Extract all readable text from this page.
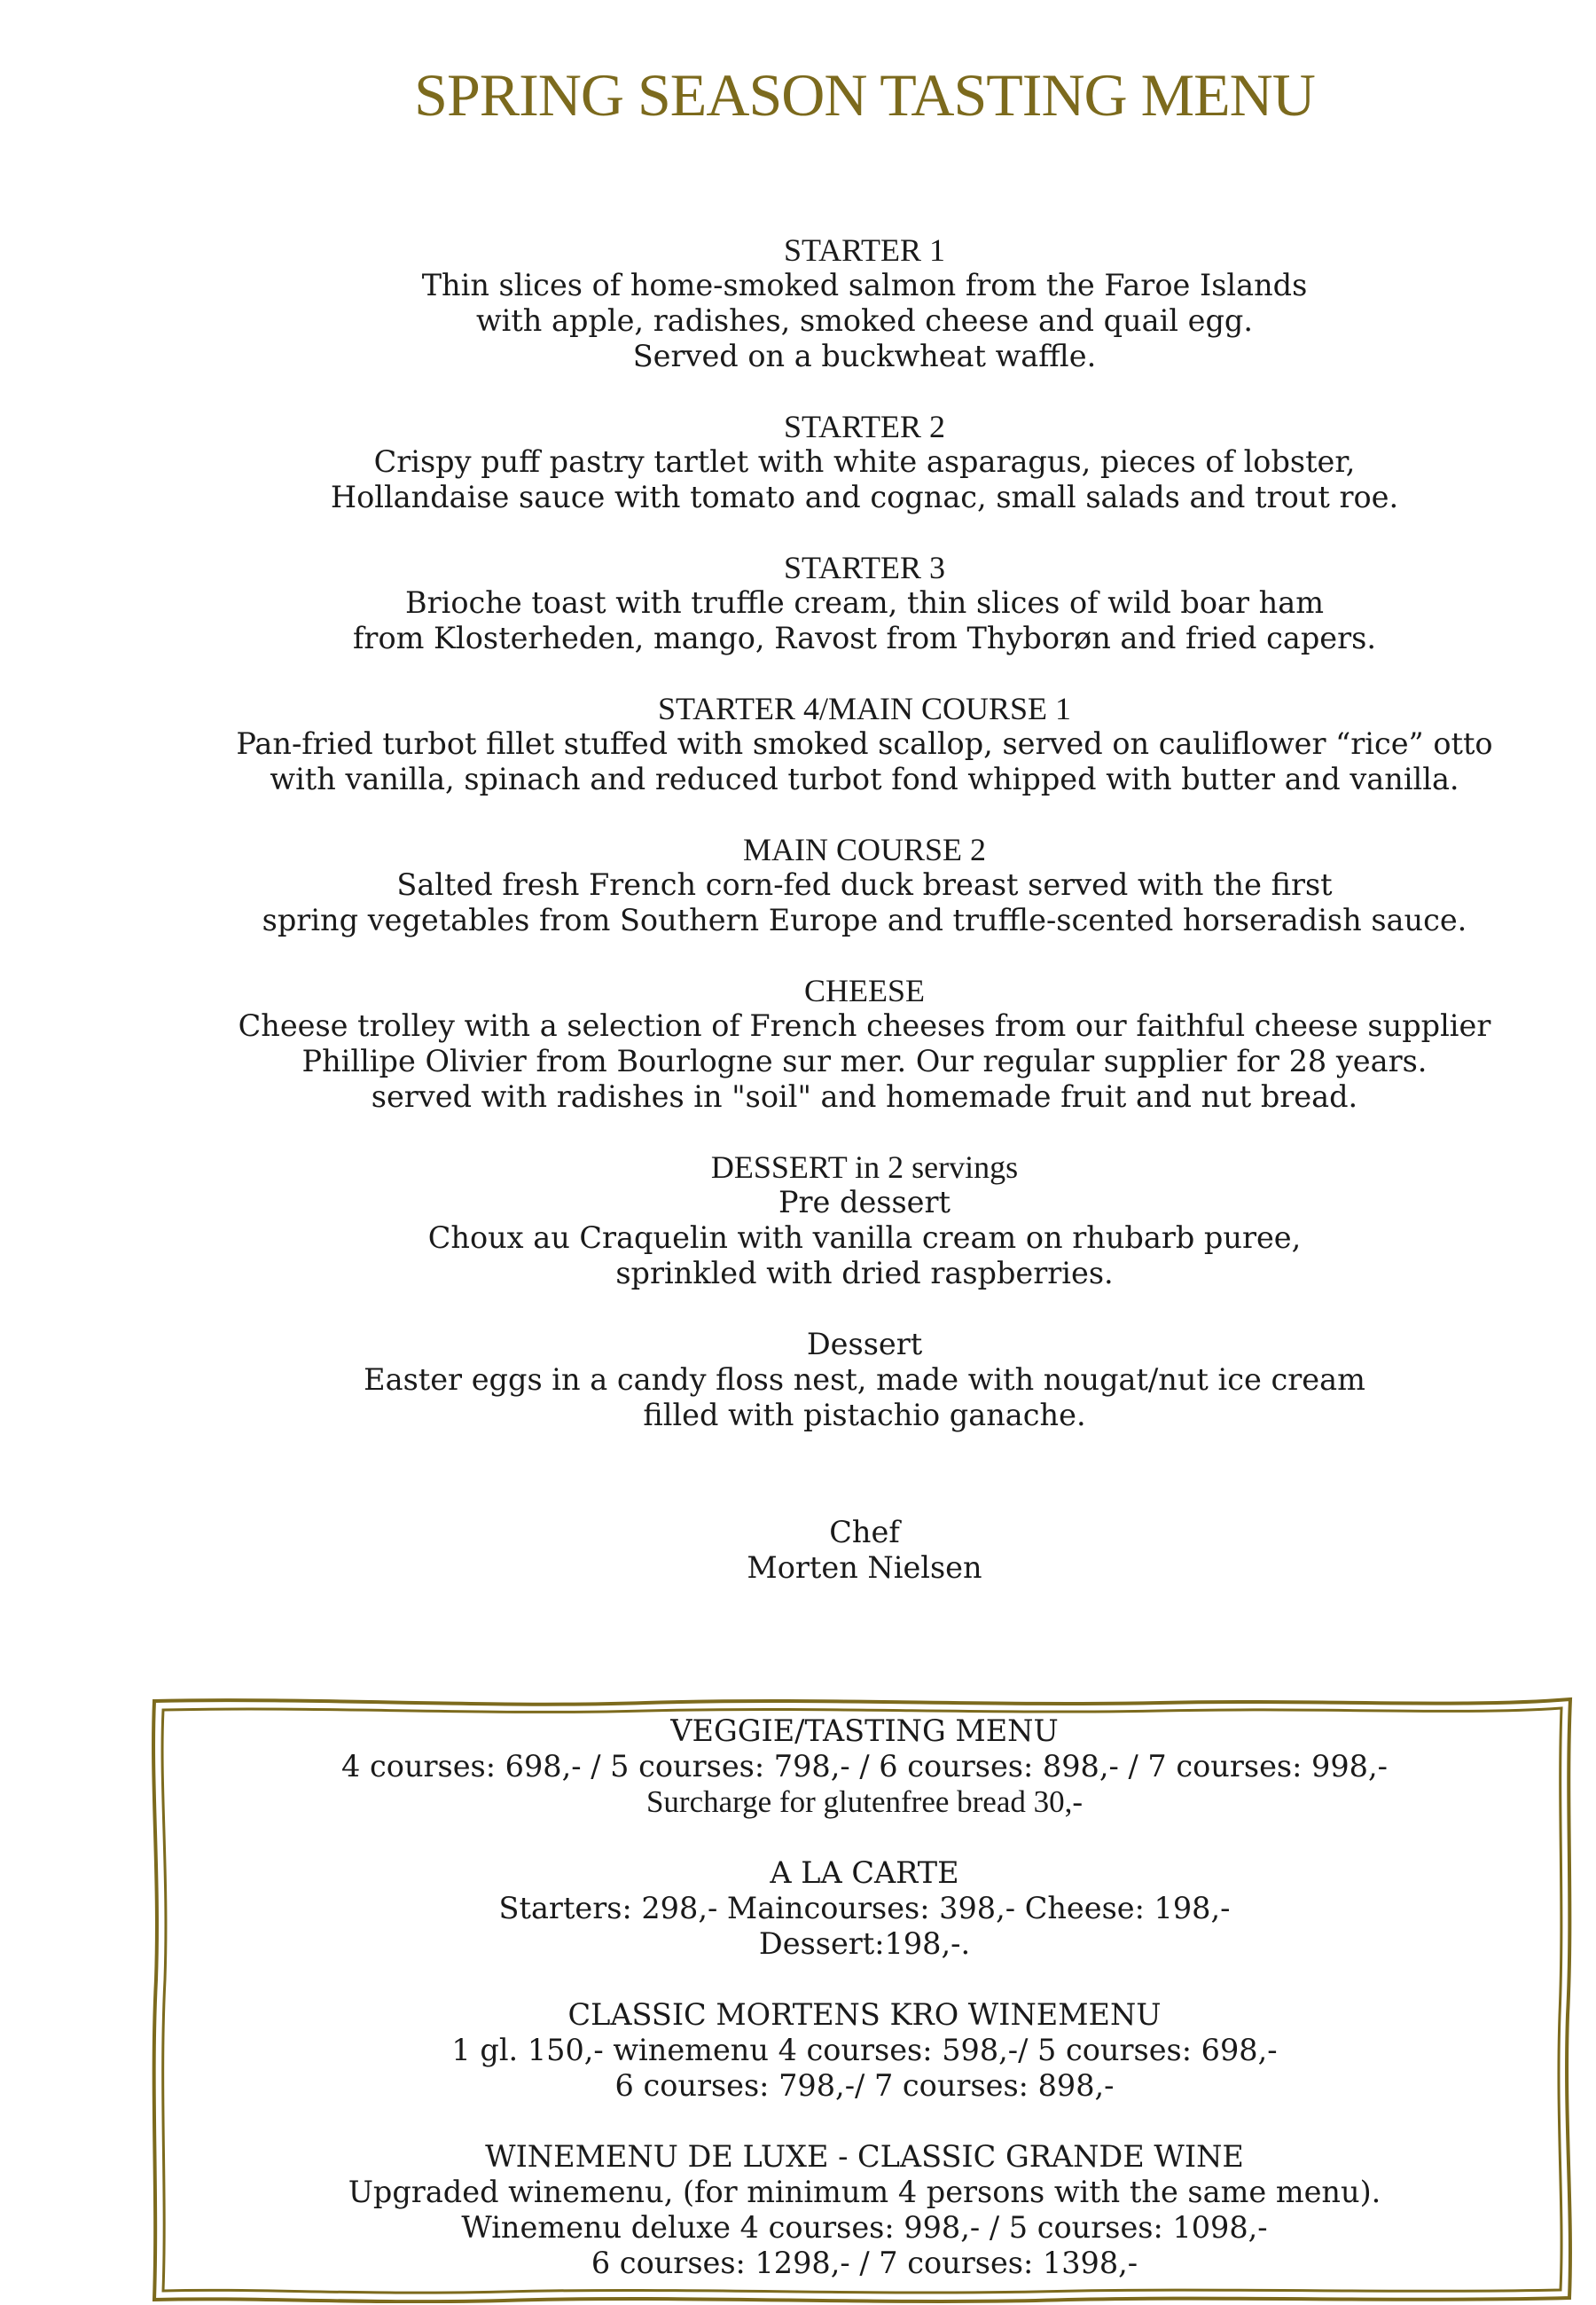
SPRING SEASON TASTING MENU
STARTER 1
Thin slices of home-smoked salmon from the Faroe Islands
with apple, radishes, smoked cheese and quail egg.
Served on a buckwheat waffle.
STARTER 2
Crispy puff pastry tartlet with white asparagus, pieces of lobster,
Hollandaise sauce with tomato and cognac, small salads and trout roe.
STARTER 3
Brioche toast with truffle cream, thin slices of wild boar ham
from Klosterheden, mango, Ravost from Thyborøn and fried capers.
STARTER 4/MAIN COURSE 1
Pan-fried turbot fillet stuffed with smoked scallop, served on cauliflower “rice” otto
with vanilla, spinach and reduced turbot fond whipped with butter and vanilla.
MAIN COURSE 2
Salted fresh French corn-fed duck breast served with the first
spring vegetables from Southern Europe and truffle-scented horseradish sauce.
CHEESE
Cheese trolley with a selection of French cheeses from our faithful cheese supplier
Phillipe Olivier from Bourlogne sur mer. Our regular supplier for 28 years.
served with radishes in "soil" and homemade fruit and nut bread.
DESSERT in 2 servings
Pre dessert
Choux au Craquelin with vanilla cream on rhubarb puree,
sprinkled with dried raspberries.
Dessert
Easter eggs in a candy floss nest, made with nougat/nut ice cream
filled with pistachio ganache.
Chef
Morten Nielsen
VEGGIE/TASTING MENU
4 courses: 698,- / 5 courses: 798,- / 6 courses: 898,- / 7 courses: 998,-
Surcharge for glutenfree bread 30,-
A LA CARTE
Starters: 298,- Maincourses: 398,- Cheese: 198,-
Dessert:198,-.
CLASSIC MORTENS KRO WINEMENU
1 gl. 150,- winemenu 4 courses: 598,-/ 5 courses: 698,-
6 courses: 798,-/ 7 courses: 898,-
WINEMENU DE LUXE - CLASSIC GRANDE WINE
Upgraded winemenu, (for minimum 4 persons with the same menu).
Winemenu deluxe 4 courses: 998,- / 5 courses: 1098,-
6 courses: 1298,- / 7 courses: 1398,-
